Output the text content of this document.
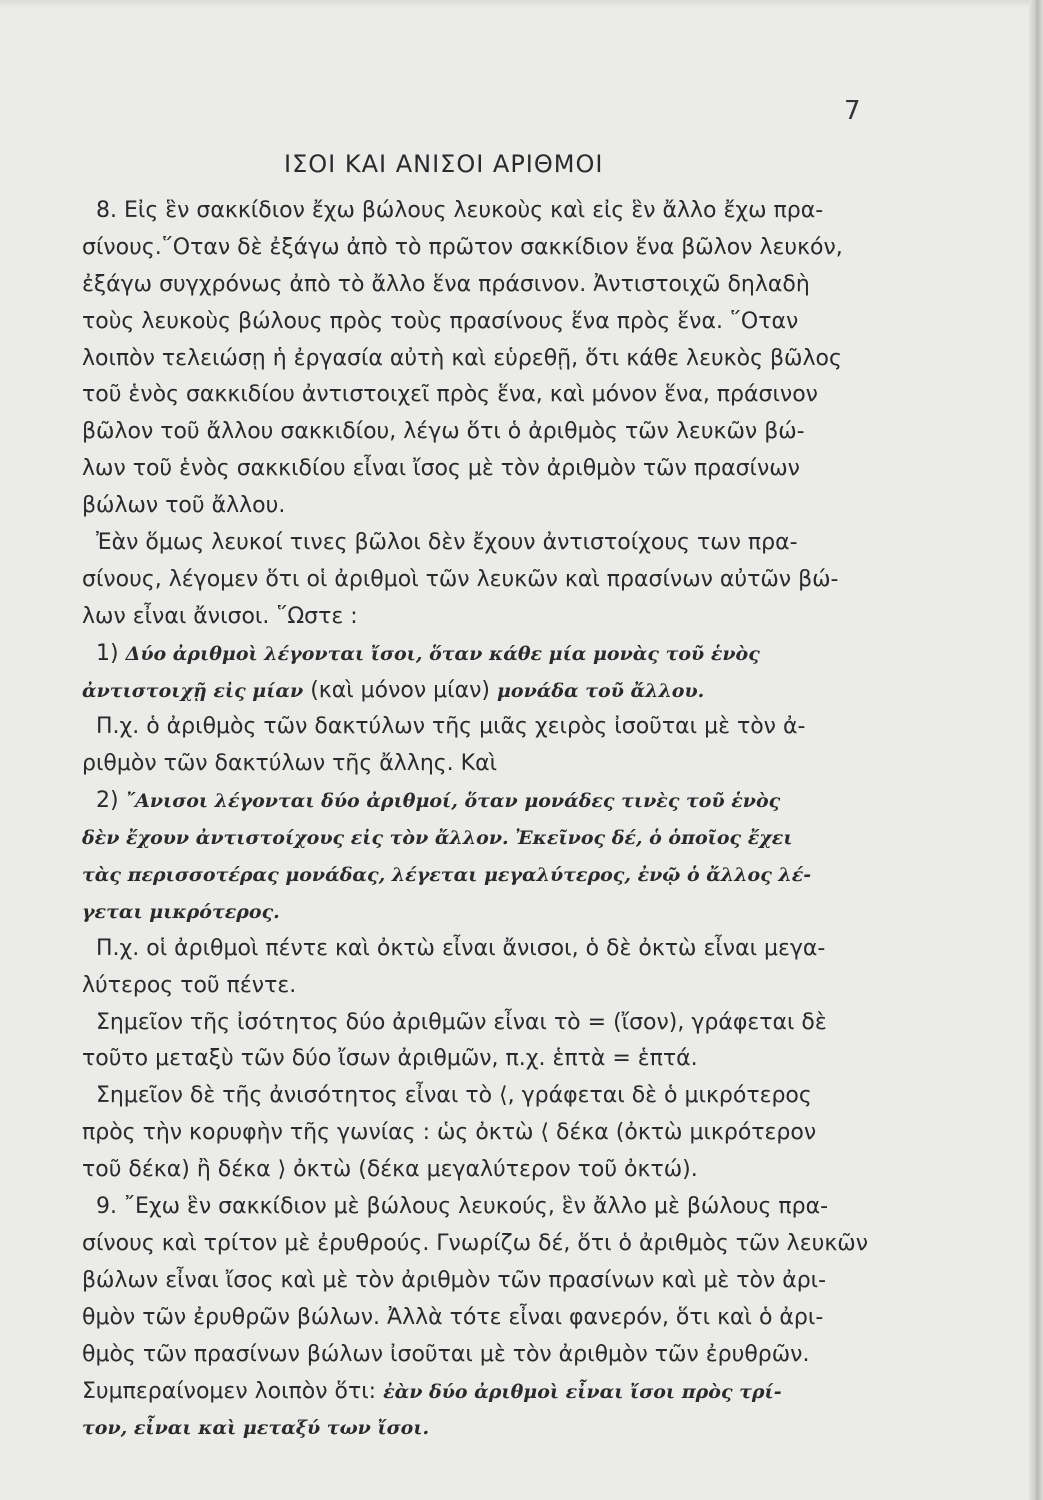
7
ΙΣΟΙ ΚΑΙ ΑΝΙΣΟΙ ΑΡΙΘΜΟΙ
8. Εἰς ἓν σακκίδιον ἔχω βώλους λευκοὺς καὶ εἰς ἓν ἄλλο ἔχω πρα-
σίνους.῞Οταν δὲ ἐξάγω ἀπὸ τὸ πρῶτον σακκίδιον ἕνα βῶλον λευκόν,
ἐξάγω συγχρόνως ἀπὸ τὸ ἄλλο ἕνα πράσινον. Ἀντιστοιχῶ δηλαδὴ
τοὺς λευκοὺς βώλους πρὸς τοὺς πρασίνους ἕνα πρὸς ἕνα. ῞Οταν
λοιπὸν τελειώσῃ ἡ ἐργασία αὐτὴ καὶ εὑρεθῇ, ὅτι κάθε λευκὸς βῶλος
τοῦ ἑνὸς σακκιδίου ἀντιστοιχεῖ πρὸς ἕνα, καὶ μόνον ἕνα, πράσινον
βῶλον τοῦ ἄλλου σακκιδίου, λέγω ὅτι ὁ ἀριθμὸς τῶν λευκῶν βώ-
λων τοῦ ἑνὸς σακκιδίου εἶναι ἴσος μὲ τὸν ἀριθμὸν τῶν πρασίνων
βώλων τοῦ ἄλλου.
Ἐὰν ὅμως λευκοί τινες βῶλοι δὲν ἔχουν ἀντιστοίχους των πρα-
σίνους, λέγομεν ὅτι οἱ ἀριθμοὶ τῶν λευκῶν καὶ πρασίνων αὐτῶν βώ-
λων εἶναι ἄνισοι. ῞Ωστε :
1) Δύο ἀριθμοὶ λέγονται ἴσοι, ὅταν κάθε μία μονὰς τοῦ ἑνὸς
ἀντιστοιχῇ εἰς μίαν (καὶ μόνον μίαν) μονάδα τοῦ ἄλλου.
Π.χ. ὁ ἀριθμὸς τῶν δακτύλων τῆς μιᾶς χειρὸς ἰσοῦται μὲ τὸν ἀ-
ριθμὸν τῶν δακτύλων τῆς ἄλλης. Καὶ
2) ῎Ανισοι λέγονται δύο ἀριθμοί, ὅταν μονάδες τινὲς τοῦ ἑνὸς
δὲν ἔχουν ἀντιστοίχους εἰς τὸν ἄλλον. Ἐκεῖνος δέ, ὁ ὁποῖος ἔχει
τὰς περισσοτέρας μονάδας, λέγεται μεγαλύτερος, ἐνῷ ὁ ἄλλος λέ-
γεται μικρότερος.
Π.χ. οἱ ἀριθμοὶ πέντε καὶ ὀκτὼ εἶναι ἄνισοι, ὁ δὲ ὀκτὼ εἶναι μεγα-
λύτερος τοῦ πέντε.
Σημεῖον τῆς ἰσότητος δύο ἀριθμῶν εἶναι τὸ = (ἴσον), γράφεται δὲ
τοῦτο μεταξὺ τῶν δύο ἴσων ἀριθμῶν, π.χ. ἑπτὰ = ἑπτά.
Σημεῖον δὲ τῆς ἀνισότητος εἶναι τὸ ⟨, γράφεται δὲ ὁ μικρότερος
πρὸς τὴν κορυφὴν τῆς γωνίας : ὡς ὀκτὼ ⟨ δέκα (ὀκτὼ μικρότερον
τοῦ δέκα) ἢ δέκα ⟩ ὀκτὼ (δέκα μεγαλύτερον τοῦ ὀκτώ).
9. ῎Εχω ἓν σακκίδιον μὲ βώλους λευκούς, ἓν ἄλλο μὲ βώλους πρα-
σίνους καὶ τρίτον μὲ ἐρυθρούς. Γνωρίζω δέ, ὅτι ὁ ἀριθμὸς τῶν λευκῶν
βώλων εἶναι ἴσος καὶ μὲ τὸν ἀριθμὸν τῶν πρασίνων καὶ μὲ τὸν ἀρι-
θμὸν τῶν ἐρυθρῶν βώλων. Ἀλλὰ τότε εἶναι φανερόν, ὅτι καὶ ὁ ἀρι-
θμὸς τῶν πρασίνων βώλων ἰσοῦται μὲ τὸν ἀριθμὸν τῶν ἐρυθρῶν.
Συμπεραίνομεν λοιπὸν ὅτι: ἐὰν δύο ἀριθμοὶ εἶναι ἴσοι πρὸς τρί-
τον, εἶναι καὶ μεταξύ των ἴσοι.
